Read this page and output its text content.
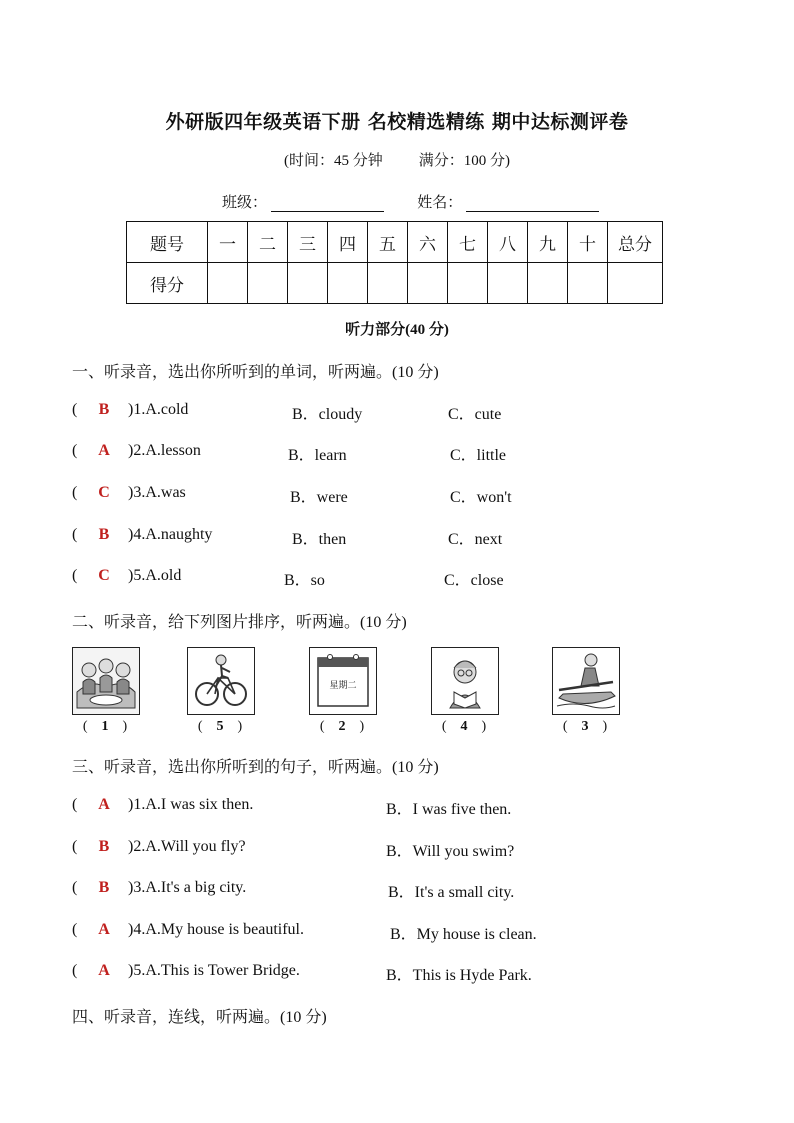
外研版四年级英语下册 名校精选精练 期中达标测评卷
(时间：45 分钟 满分：100 分)
班级：	姓名：
题号	一	二	三	四	五	六	七	八	九	十	总分
得分											
听力部分(40 分)
一、听录音，选出你所听到的单词，听两遍。(10 分)
( B )1.A.cold	B．cloudy	C．cute
( A )2.A.lesson	B．learn	C．little
( C )3.A.was	B．were	C．won't
( B )4.A.naughty	B．then	C．next
( C )5.A.old	B．so	C．close
二、听录音，给下列图片排序，听两遍。(10 分)
星期二
( 1 )	( 5 )	( 2 )	( 4 )	( 3 )
三、听录音，选出你所听到的句子，听两遍。(10 分)
( A )1.A.I was six then.	B．I was five then.
( B )2.A.Will you fly?	B．Will you swim?
( B )3.A.It's a big city.	B．It's a small city.
( A )4.A.My house is beautiful.	B．My house is clean.
( A )5.A.This is Tower Bridge.	B．This is Hyde Park.
四、听录音，连线，听两遍。(10 分)
